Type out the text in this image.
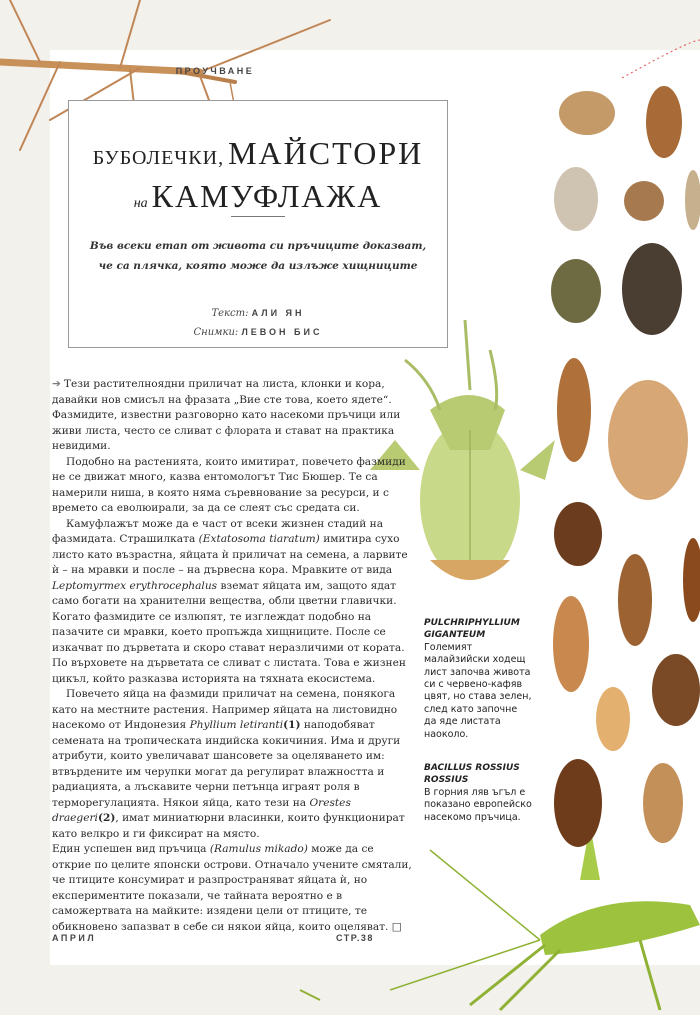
ПРОУЧВАНЕ
БУБОЛЕЧКИ, МАЙСТОРИ
на КАМУФЛАЖА
Във всеки етап от живота си пръчиците доказват,
че са плячка, която може да излъже хищниците
Текст: АЛИ ЯН
Снимки: ЛЕВОН БИС

➔ Тези растителноядни приличат на листа, клонки и кора, давайки нов смисъл на фразата „Вие сте това, което ядете“. Фазмидите, известни разговорно като насекоми пръчици или живи листа, често се сливат с флората и стават на практика невидими.

Подобно на растенията, които имитират, повечето фазмиди не се движат много, казва ентомологът Тис Бюшер. Те са намерили ниша, в която няма съревнование за ресурси, и с времето са еволюирали, за да се слеят със средата си.

Камуфлажът може да е част от всеки жизнен стадий на фазмидата. Страшилката (Extatosoma tiaratum) имитира сухо листо като възрастна, яйцата ѝ приличат на семена, а ларвите ѝ – на мравки и после – на дървесна кора. Мравките от вида Leptomyrmex erythrocephalus вземат яйцата им, защото ядат само богати на хранителни вещества, обли цветни главички. Когато фазмидите се излюпят, те изглеждат подобно на пазачите си мравки, което пропъжда хищниците. После се изкачват по дърветата и скоро стават неразличими от кората. По върховете на дърветата се сливат с листата. Това е жизнен цикъл, който разказва историята на тяхната екосистема.

Повечето яйца на фазмиди приличат на семена, понякога като на местните растения. Например яйцата на листовидно насекомо от Индонезия Phyllium letiranti(1) наподобяват семената на тропическата индийска кокичиния. Има и други атрибути, които увеличават шансовете за оцеляването им: втвърдените им черупки могат да регулират влажността и радиацията, а лъскавите черни петънца играят роля в терморегулацията. Някои яйца, като тези на Orestes draegeri(2), имат миниатюрни власинки, които функционират като велкро и ги фиксират на място.

Един успешен вид пръчица (Ramulus mikado) може да се открие по целите японски острови. Отначало учените смятали, че птиците консумират и разпространяват яйцата ѝ, но експериментите показали, че тайната вероятно е в саможертвата на майките: изядени цели от птиците, те обикновено запазват в себе си някои яйца, които оцеляват. □

PULCHRIPHYLLIUM GIGANTEUM
Големият малайзийски ходещ лист започва живота си с червено-кафяв цвят, но става зелен, след като започне да яде листата наоколо.
BACILLUS ROSSIUS ROSSIUS
В горния ляв ъгъл е показано европейско насекомо пръчица.
АПРИЛ	СТР.38
